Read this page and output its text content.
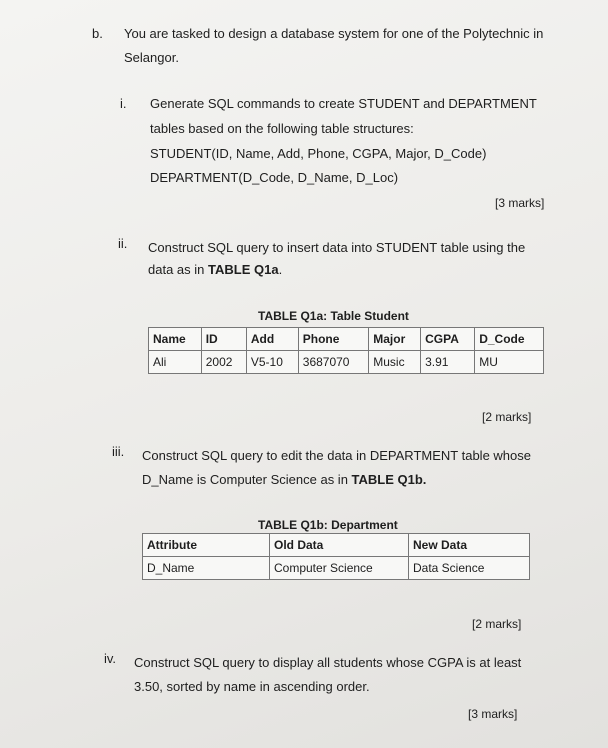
b. You are tasked to design a database system for one of the Polytechnic in
Selangor.
i. Generate SQL commands to create STUDENT and DEPARTMENT
tables based on the following table structures:
STUDENT(ID, Name, Add, Phone, CGPA, Major, D_Code)
DEPARTMENT(D_Code, D_Name, D_Loc)
[3 marks]
ii. Construct SQL query to insert data into STUDENT table using the
data as in TABLE Q1a.
TABLE Q1a: Table Student
Name	ID	Add	Phone	Major	CGPA	D_Code
Ali	2002	V5-10	3687070	Music	3.91	MU
[2 marks]
iii. Construct SQL query to edit the data in DEPARTMENT table whose
D_Name is Computer Science as in TABLE Q1b.
TABLE Q1b: Department
Attribute	Old Data	New Data
D_Name	Computer Science	Data Science
[2 marks]
iv. Construct SQL query to display all students whose CGPA is at least
3.50, sorted by name in ascending order.
[3 marks]
